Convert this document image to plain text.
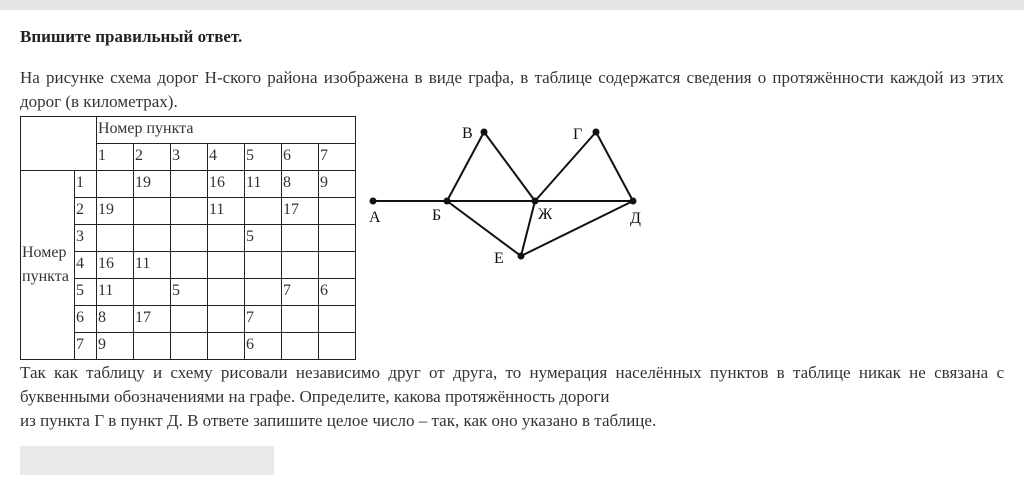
Впишите правильный ответ.
На рисунке схема дорог Н-ского района изображена в виде графа, в таблице содержатся сведения о протяжённости каждой из этих дорог (в километрах).
		Номер пункта						
		1	2	3	4	5	6	7
Номер пункта	1		19		16	11	8	9
	2	19			11		17	
	3					5		
	4	16	11					
	5	11		5			7	6
	6	8	17			7		
	7	9				6		
А	Б
В	Г
Д
Е
Ж
Так как таблицу и схему рисовали независимо друг от друга, то нумерация населённых пунктов в таблице никак не связана с буквенными обозначениями на графе. Определите, какова протяжённость дороги
из пункта Г в пункт Д. В ответе запишите целое число – так, как оно указано в таблице.
